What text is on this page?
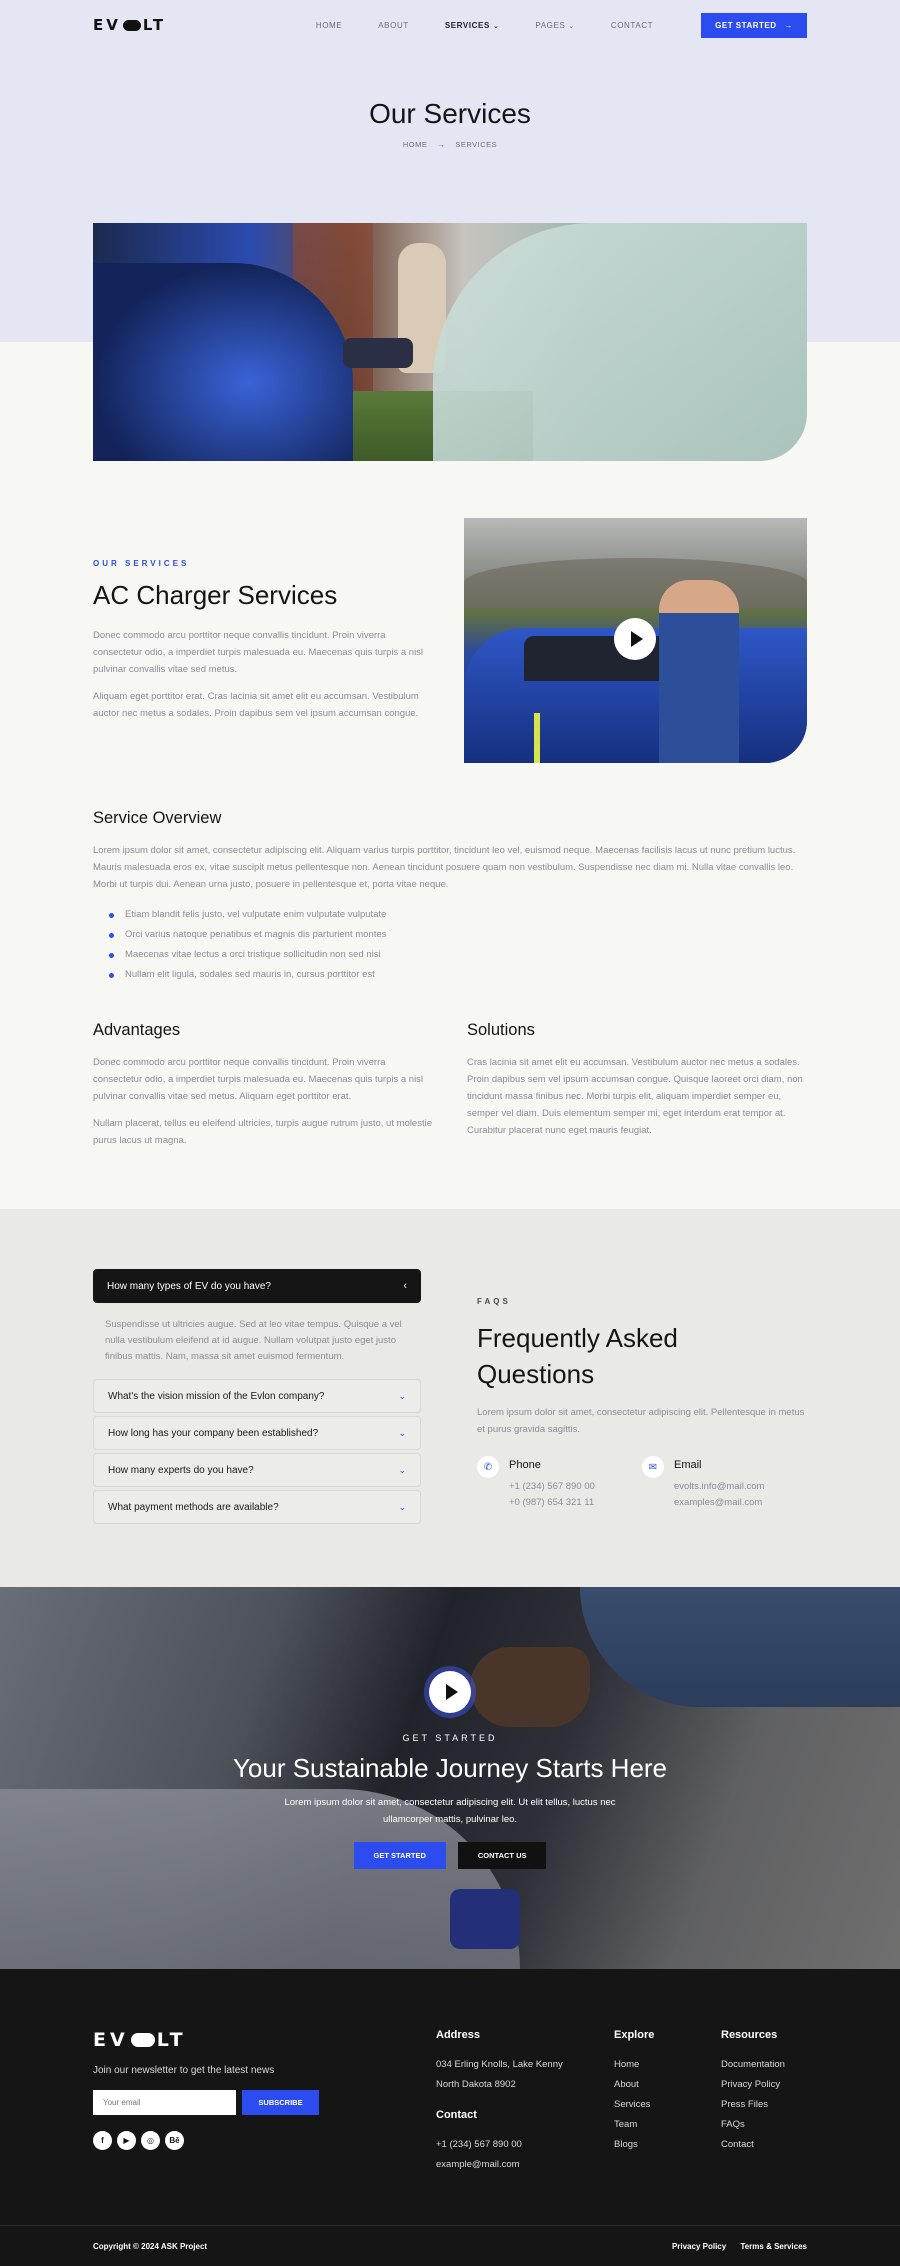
E V LT	HOME	ABOUT	SERVICES ⌄	PAGES ⌄	CONTACT	GET STARTED →
Our Services
HOME → SERVICES
OUR SERVICES
AC Charger Services

Donec commodo arcu porttitor neque convallis tincidunt. Proin viverra consectetur odio, a imperdiet turpis malesuada eu. Maecenas quis turpis a nisl pulvinar convallis vitae sed metus.

Aliquam eget porttitor erat. Cras lacinia sit amet elit eu accumsan. Vestibulum auctor nec metus a sodales. Proin dapibus sem vel ipsum accumsan congue.

Service Overview

Lorem ipsum dolor sit amet, consectetur adipiscing elit. Aliquam varius turpis porttitor, tincidunt leo vel, euismod neque. Maecenas facilisis lacus ut nunc pretium luctus. Mauris malesuada eros ex, vitae suscipit metus pellentesque non. Aenean tincidunt posuere quam non vestibulum. Suspendisse nec diam mi. Nulla vitae convallis leo. Morbi ut turpis dui. Aenean urna justo, posuere in pellentesque et, porta vitae neque.

Etiam blandit felis justo, vel vulputate enim vulputate vulputate
Orci varius natoque penatibus et magnis dis parturient montes
Maecenas vitae lectus a orci tristique sollicitudin non sed nisi
Nullam elit ligula, sodales sed mauris in, cursus porttitor est
Advantages

Donec commodo arcu porttitor neque convallis tincidunt. Proin viverra consectetur odio, a imperdiet turpis malesuada eu. Maecenas quis turpis a nisl pulvinar convallis vitae sed metus. Aliquam eget porttitor erat.

Nullam placerat, tellus eu eleifend ultricies, turpis augue rutrum justo, ut molestie purus lacus ut magna.

Solutions

Cras lacinia sit amet elit eu accumsan. Vestibulum auctor nec metus a sodales. Proin dapibus sem vel ipsum accumsan congue. Quisque laoreet orci diam, non tincidunt massa finibus nec. Morbi turpis elit, aliquam imperdiet semper eu, semper vel diam. Duis elementum semper mi, eget interdum erat tempor at. Curabitur placerat nunc eget mauris feugiat.

How many types of EV do you have?	‹
Suspendisse ut ultricies augue. Sed at leo vitae tempus. Quisque a vel nulla vestibulum eleifend at id augue. Nullam volutpat justo eget justo finibus mattis. Nam, massa sit amet euismod fermentum.
What's the vision mission of the Evlon company?	⌄
How long has your company been established?	⌄
How many experts do you have?	⌄
What payment methods are available?	⌄
FAQS
Frequently Asked
Questions

Lorem ipsum dolor sit amet, consectetur adipiscing elit. Pellentesque in metus et purus gravida sagittis.

✆	Phone
+1 (234) 567 890 00
+0 (987) 654 321 11
✉	Email
evolts.info@mail.com
examples@mail.com
GET STARTED
Your Sustainable Journey Starts Here

Lorem ipsum dolor sit amet, consectetur adipiscing elit. Ut elit tellus, luctus nec ullamcorper mattis, pulvinar leo.

GET STARTED	CONTACT US
E V LT
Join our newsletter to get the latest news
Your email
SUBSCRIBE
f	▶	◎	Bē
Address
034 Erling Knolls, Lake Kenny
North Dakota 8902
Contact
+1 (234) 567 890 00
example@mail.com
Explore
Home
About
Services
Team
Blogs
Resources
Documentation
Privacy Policy
Press Files
FAQs
Contact
Copyright © 2024 ASK Project	Privacy Policy Terms & Services
